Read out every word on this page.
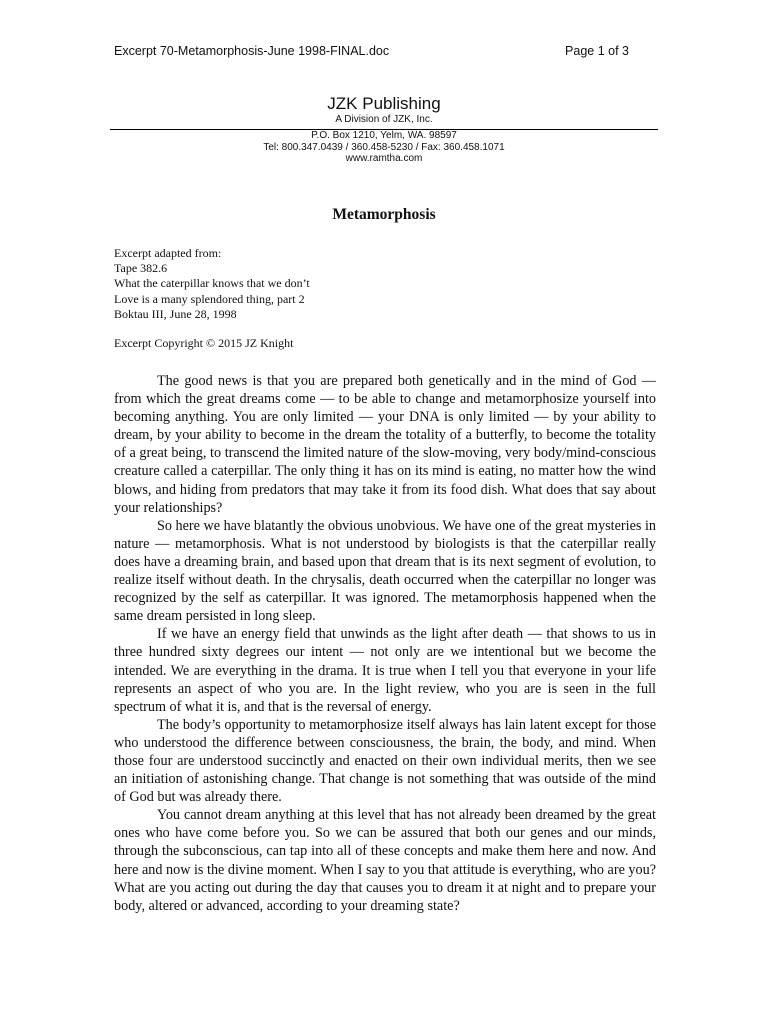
Excerpt 70-Metamorphosis-June 1998-FINAL.doc	Page 1 of 3
JZK Publishing
A Division of JZK, Inc.
P.O. Box 1210, Yelm, WA. 98597
Tel: 800.347.0439 / 360.458-5230 / Fax: 360.458.1071
www.ramtha.com
Metamorphosis
Excerpt adapted from:
Tape 382.6
What the caterpillar knows that we don’t
Love is a many splendored thing, part 2
Boktau III, June 28, 1998
Excerpt Copyright © 2015 JZ Knight

The good news is that you are prepared both genetically and in the mind of God — from which the great dreams come — to be able to change and metamorphosize yourself into becoming anything. You are only limited — your DNA is only limited — by your ability to dream, by your ability to become in the dream the totality of a butterfly, to become the totality of a great being, to transcend the limited nature of the slow-moving, very body/mind-conscious creature called a caterpillar. The only thing it has on its mind is eating, no matter how the wind blows, and hiding from predators that may take it from its food dish. What does that say about your relationships?

So here we have blatantly the obvious unobvious. We have one of the great mysteries in nature — metamorphosis. What is not understood by biologists is that the caterpillar really does have a dreaming brain, and based upon that dream that is its next segment of evolution, to realize itself without death. In the chrysalis, death occurred when the caterpillar no longer was recognized by the self as caterpillar. It was ignored. The metamorphosis happened when the same dream persisted in long sleep.

If we have an energy field that unwinds as the light after death — that shows to us in three hundred sixty degrees our intent — not only are we intentional but we become the intended. We are everything in the drama. It is true when I tell you that everyone in your life represents an aspect of who you are. In the light review, who you are is seen in the full spectrum of what it is, and that is the reversal of energy.

The body’s opportunity to metamorphosize itself always has lain latent except for those who understood the difference between consciousness, the brain, the body, and mind. When those four are understood succinctly and enacted on their own individual merits, then we see an initiation of astonishing change. That change is not something that was outside of the mind of God but was already there.

You cannot dream anything at this level that has not already been dreamed by the great ones who have come before you. So we can be assured that both our genes and our minds, through the subconscious, can tap into all of these concepts and make them here and now. And here and now is the divine moment. When I say to you that attitude is everything, who are you? What are you acting out during the day that causes you to dream it at night and to prepare your body, altered or advanced, according to your dreaming state?
